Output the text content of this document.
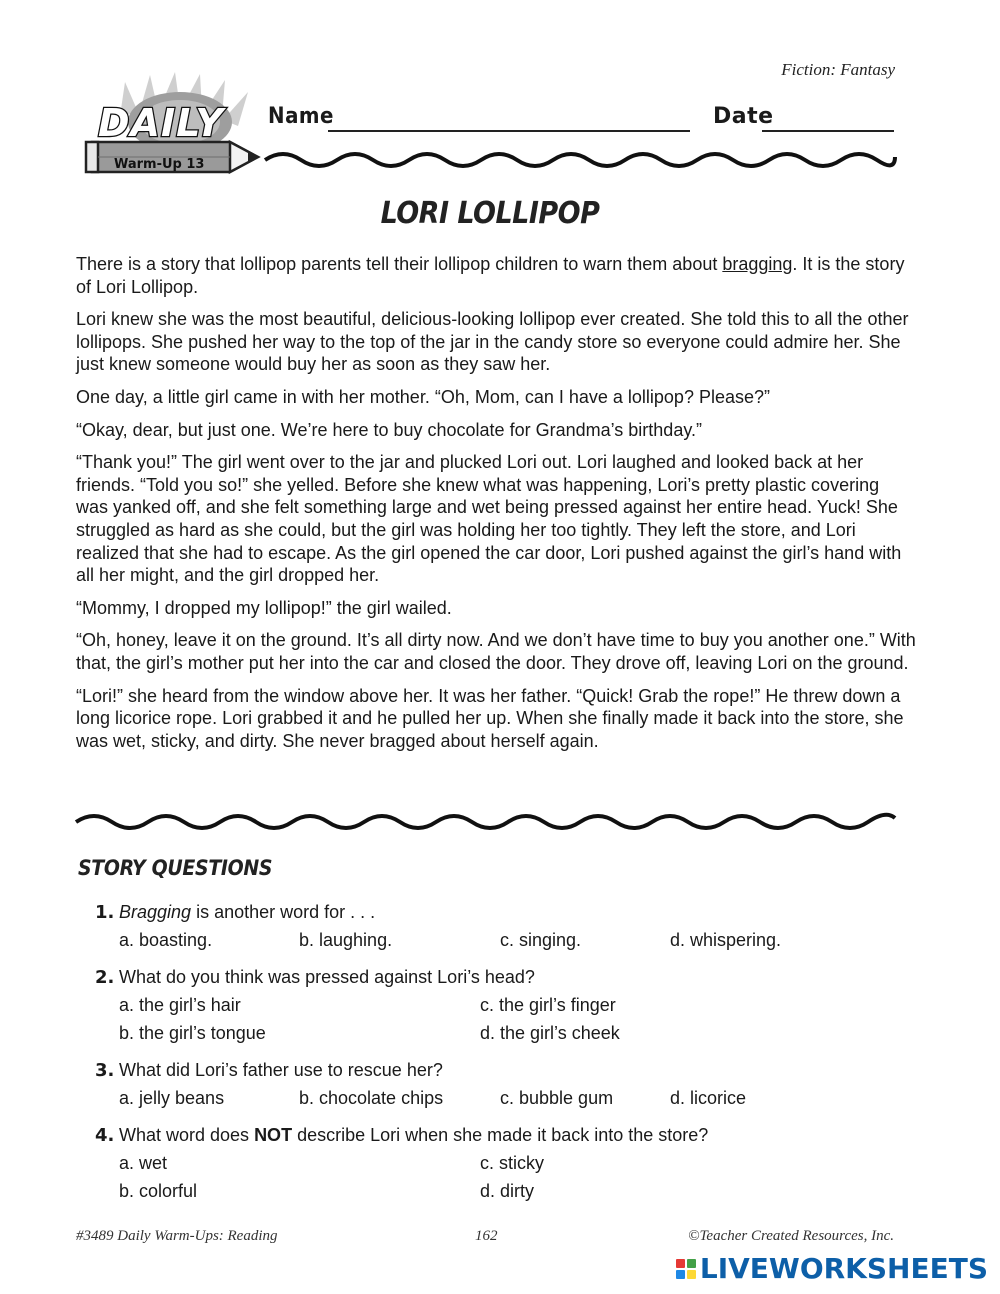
Fiction: Fantasy
Warm-Up 13
DAILY Name	Date
LORI LOLLIPOP

There is a story that lollipop parents tell their lollipop children to warn them about bragging. It is the story of Lori Lollipop.

Lori knew she was the most beautiful, delicious-looking lollipop ever created. She told this to all the other lollipops. She pushed her way to the top of the jar in the candy store so everyone could admire her. She just knew someone would buy her as soon as they saw her.

One day, a little girl came in with her mother. “Oh, Mom, can I have a lollipop? Please?”

“Okay, dear, but just one. We’re here to buy chocolate for Grandma’s birthday.”

“Thank you!” The girl went over to the jar and plucked Lori out. Lori laughed and looked back at her friends. “Told you so!” she yelled. Before she knew what was happening, Lori’s pretty plastic covering was yanked off, and she felt something large and wet being pressed against her entire head. Yuck! She struggled as hard as she could, but the girl was holding her too tightly. They left the store, and Lori realized that she had to escape. As the girl opened the car door, Lori pushed against the girl’s hand with all her might, and the girl dropped her.

“Mommy, I dropped my lollipop!” the girl wailed.

“Oh, honey, leave it on the ground. It’s all dirty now. And we don’t have time to buy you another one.” With that, the girl’s mother put her into the car and closed the door. They drove off, leaving Lori on the ground.

“Lori!” she heard from the window above her. It was her father. “Quick! Grab the rope!” He threw down a long licorice rope. Lori grabbed it and he pulled her up. When she finally made it back into the store, she was wet, sticky, and dirty. She never bragged about herself again.

STORY QUESTIONS
1. Bragging is another word for . . .
a. boasting.	b. laughing.	c. singing.	d. whispering.
2. What do you think was pressed against Lori’s head?
a. the girl’s hair	c. the girl’s finger
b. the girl’s tongue	d. the girl’s cheek
3. What did Lori’s father use to rescue her?
a. jelly beans	b. chocolate chips	c. bubble gum	d. licorice
4. What word does NOT describe Lori when she made it back into the store?
a. wet	c. sticky
b. colorful	d. dirty
#3489 Daily Warm-Ups: Reading	162	©Teacher Created Resources, Inc.
LIVEWORKSHEETS
